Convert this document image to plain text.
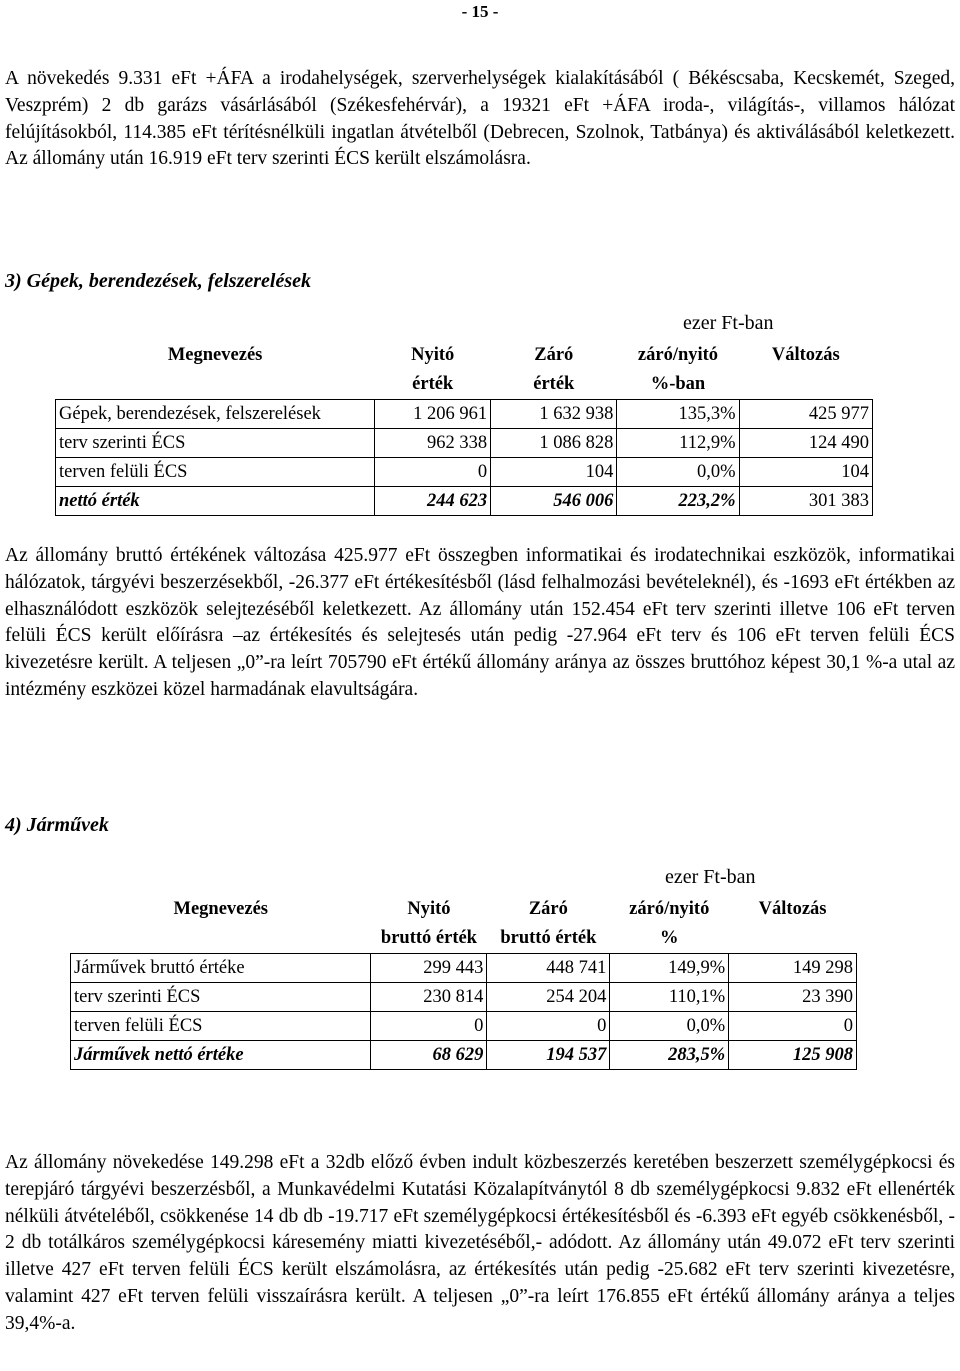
- 15 -
A növekedés 9.331 eFt +ÁFA a irodahelységek, szerverhelységek kialakításából ( Békéscsaba, Kecskemét, Szeged, Veszprém) 2 db garázs vásárlásából (Székesfehérvár), a 19321 eFt +ÁFA iroda-, világítás-, villamos hálózat felújításokból, 114.385 eFt térítésnélküli ingatlan átvételből (Debrecen, Szolnok, Tatbánya) és aktiválásából keletkezett. Az állomány után 16.919 eFt terv szerinti ÉCS került elszámolásra.
3) Gépek, berendezések, felszerelések
ezer Ft-ban
Megnevezés	Nyitó	Záró	záró/nyitó	Változás
	érték	érték	%-ban	
Gépek, berendezések, felszerelések	1 206 961	1 632 938	135,3%	425 977
terv szerinti ÉCS	962 338	1 086 828	112,9%	124 490
terven felüli ÉCS	0	104	0,0%	104
nettó érték	244 623	546 006	223,2%	301 383
Az állomány bruttó értékének változása 425.977 eFt összegben informatikai és irodatechnikai eszközök, informatikai hálózatok, tárgyévi beszerzésekből, -26.377 eFt értékesítésből (lásd felhalmozási bevételeknél), és -1693 eFt értékben az elhasználódott eszközök selejtezéséből keletkezett. Az állomány után 152.454 eFt terv szerinti illetve 106 eFt terven felüli ÉCS került előírásra –az értékesítés és selejtesés után pedig -27.964 eFt terv és 106 eFt terven felüli ÉCS kivezetésre került. A teljesen „0”-ra leírt 705790 eFt értékű állomány aránya az összes bruttóhoz képest 30,1 %-a utal az intézmény eszközei közel harmadának elavultságára.
4) Járművek
ezer Ft-ban
Megnevezés	Nyitó	Záró	záró/nyitó	Változás
	bruttó érték	bruttó érték	%	
Járművek bruttó értéke	299 443	448 741	149,9%	149 298
terv szerinti ÉCS	230 814	254 204	110,1%	23 390
terven felüli ÉCS	0	0	0,0%	0
Járművek nettó értéke	68 629	194 537	283,5%	125 908
Az állomány növekedése 149.298 eFt a 32db előző évben indult közbeszerzés keretében beszerzett személygépkocsi és terepjáró tárgyévi beszerzésből, a Munkavédelmi Kutatási Közalapítványtól 8 db személygépkocsi 9.832 eFt ellenérték nélküli átvételéből, csökkenése 14 db db -19.717 eFt személygépkocsi értékesítésből és -6.393 eFt egyéb csökkenésből, - 2 db totálkáros személygépkocsi káresemény miatti kivezetéséből,- adódott. Az állomány után 49.072 eFt terv szerinti illetve 427 eFt terven felüli ÉCS került elszámolásra, az értékesítés után pedig -25.682 eFt terv szerinti kivezetésre, valamint 427 eFt terven felüli visszaírásra került. A teljesen „0”-ra leírt 176.855 eFt értékű állomány aránya a teljes 39,4%-a.
